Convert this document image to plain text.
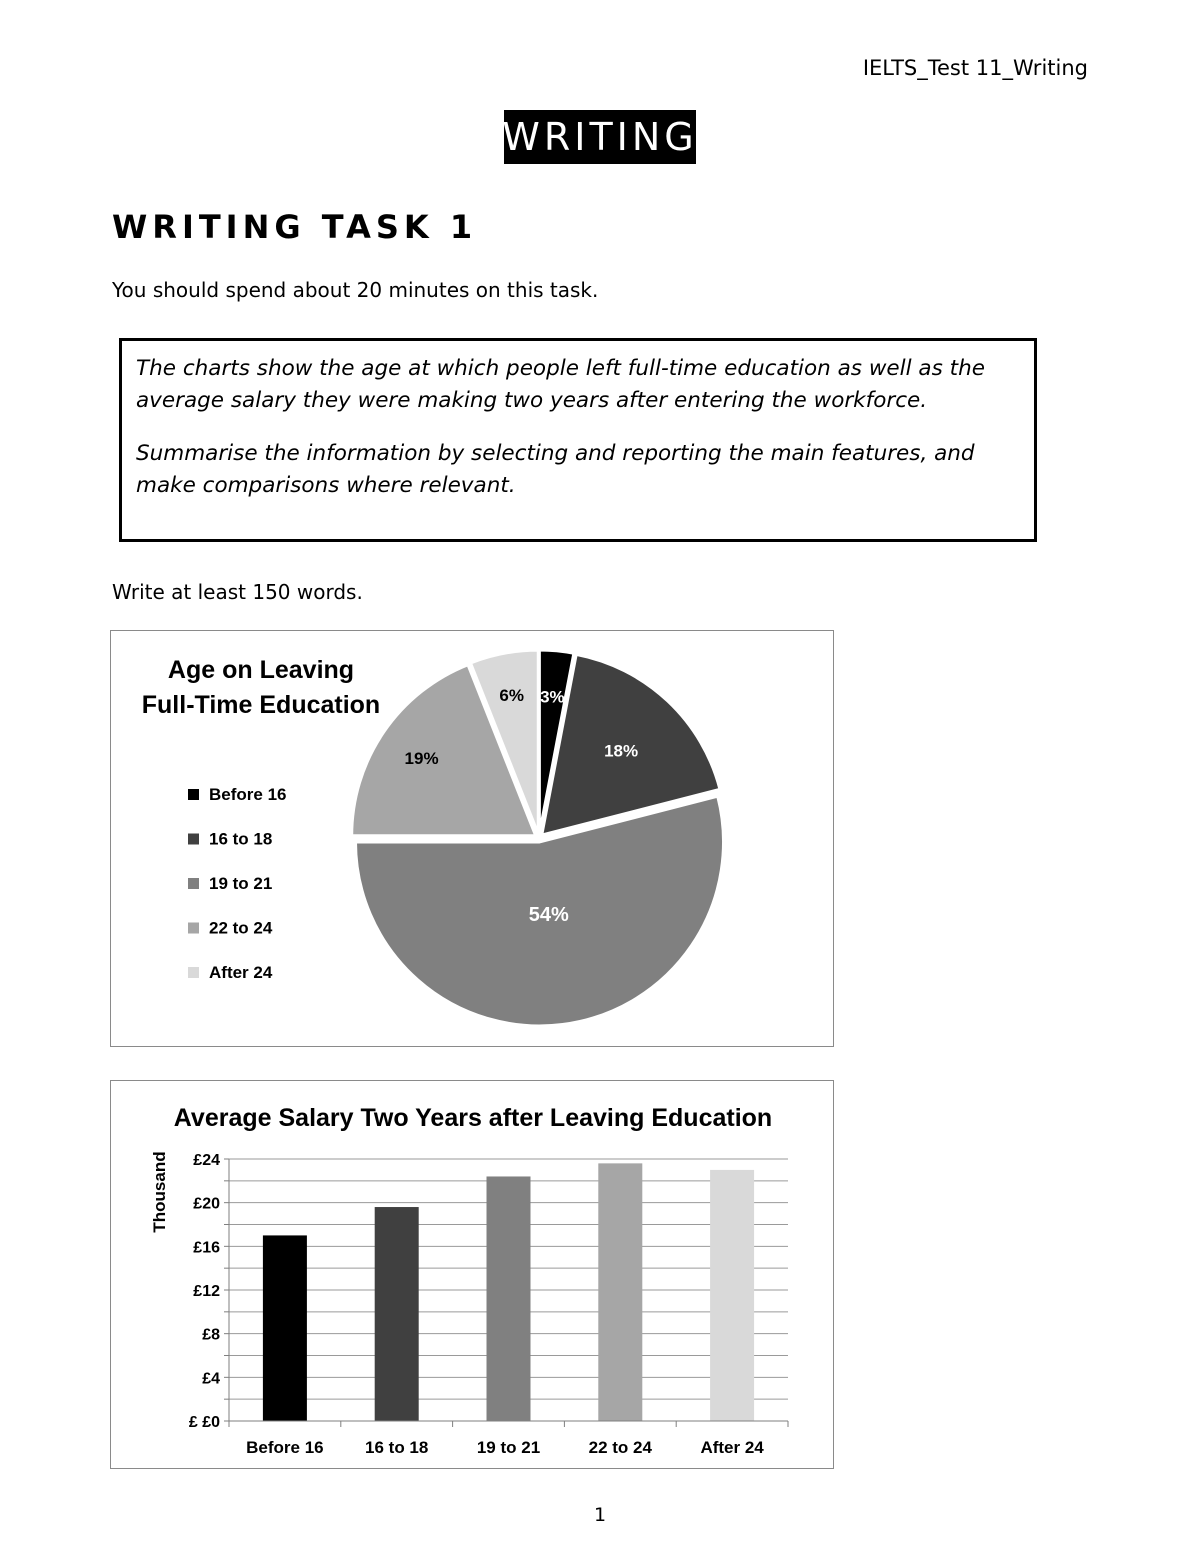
IELTS_Test 11_Writing
WRITING
WRITING TASK 1
You should spend about 20 minutes on this task.

The charts show the age at which people left full-time education as well as the average salary they were making two years after entering the workforce.

Summarise the information by selecting and reporting the main features, and make comparisons where relevant.

Write at least 150 words.
Age on Leaving
Full-Time Education	3%
18%
54%
19%
6%
Before 16
16 to 18
19 to 21
22 to 24
After 24
Average Salary Two Years after Leaving Education
Thousand
£ £0
£4
£8
£12
£16
£20
£24
Before 16 16 to 18	19 to 21	22 to 24	After 24
1
